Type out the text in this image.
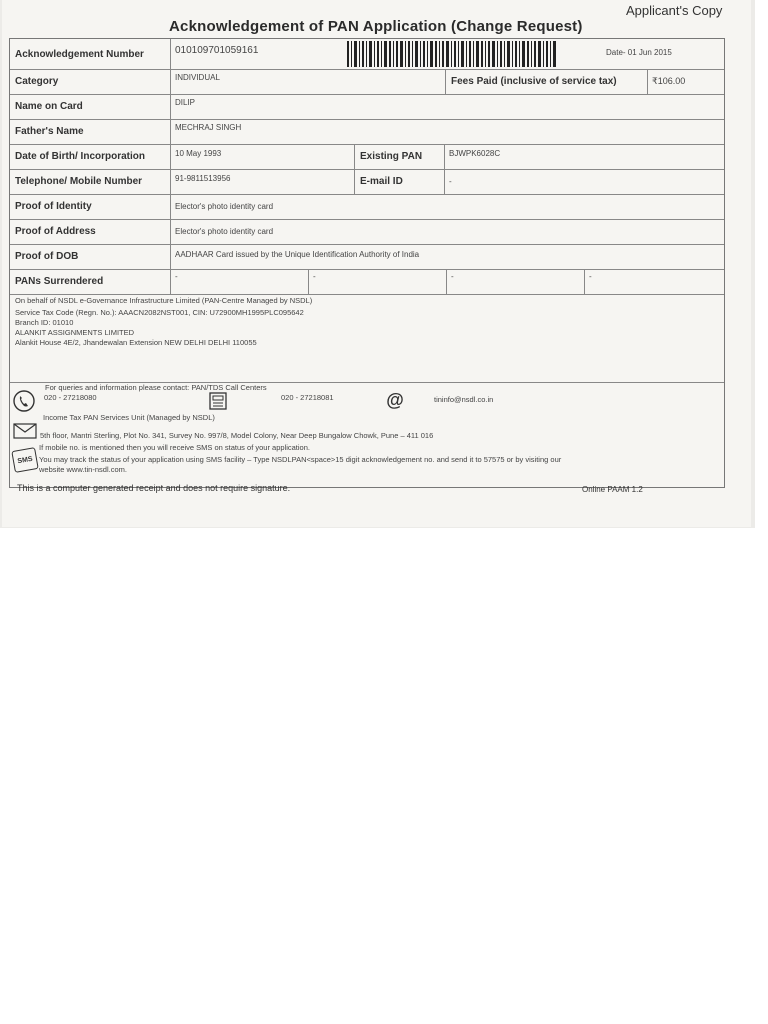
Applicant's Copy
Acknowledgement of PAN Application (Change Request)
Acknowledgement Number	010109701059161	Date- 01 Jun 2015
Category	INDIVIDUAL	Fees Paid (inclusive of service tax)	₹106.00
Name on Card	DILIP
Father's Name	MECHRAJ SINGH
Date of Birth/ Incorporation	10 May 1993	Existing PAN	BJWPK6028C
Telephone/ Mobile Number	91-9811513956	E-mail ID	-
Proof of Identity	Elector's photo identity card
Proof of Address	Elector's photo identity card
Proof of DOB	AADHAAR Card issued by the Unique Identification Authority of India
PANs Surrendered	-	-	-	-
On behalf of NSDL e-Governance Infrastructure Limited (PAN-Centre Managed by NSDL)
Service Tax Code (Regn. No.): AAACN2082NST001, CIN: U72900MH1995PLC095642
Branch ID: 01010
ALANKIT ASSIGNMENTS LIMITED
Alankit House 4E/2, Jhandewalan Extension NEW DELHI DELHI 110055
For queries and information please contact: PAN/TDS Call Centers
020 - 27218080	020 - 27218081	@	tininfo@nsdl.co.in
Income Tax PAN Services Unit (Managed by NSDL)
5th floor, Mantri Sterling, Plot No. 341, Survey No. 997/8, Model Colony, Near Deep Bungalow Chowk, Pune – 411 016
SMS
If mobile no. is mentioned then you will receive SMS on status of your application.
You may track the status of your application using SMS facility – Type NSDLPAN<space>15 digit acknowledgement no. and send it to 57575 or by visiting our
website www.tin-nsdl.com.
This is a computer generated receipt and does not require signature.	Online PAAM 1.2
